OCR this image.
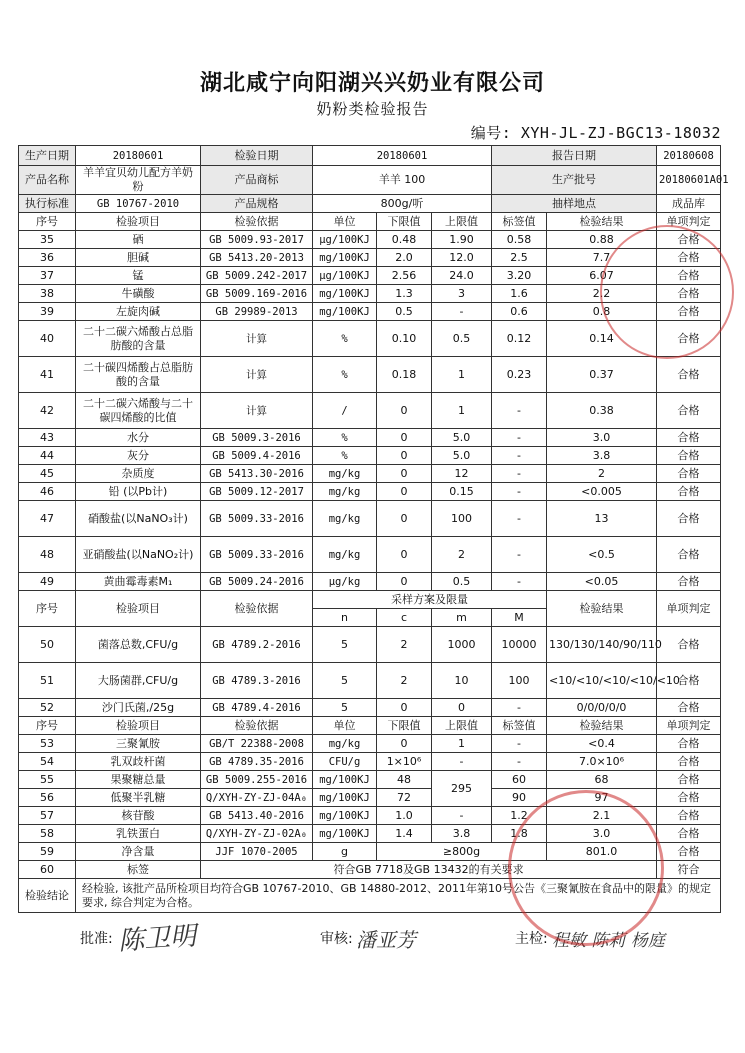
湖北咸宁向阳湖兴兴奶业有限公司
奶粉类检验报告
编号: XYH-JL-ZJ-BGC13-18032
生产日期	20180601	检验日期	20180601			报告日期		20180608
产品名称	羊羊宜贝幼儿配方羊奶粉	产品商标	羊羊 100			生产批号		20180601A01
执行标准	GB 10767-2010	产品规格	800g/听			抽样地点		成品库
序号	检验项目	检验依据	单位	下限值	上限值	标签值	检验结果	单项判定
35	硒	GB 5009.93-2017	μg/100KJ	0.48	1.90	0.58	0.88	合格
36	胆碱	GB 5413.20-2013	mg/100KJ	2.0	12.0	2.5	7.7	合格
37	锰	GB 5009.242-2017	μg/100KJ	2.56	24.0	3.20	6.07	合格
38	牛磺酸	GB 5009.169-2016	mg/100KJ	1.3	3	1.6	2.2	合格
39	左旋肉碱	GB 29989-2013	mg/100KJ	0.5	-	0.6	0.8	合格
40	二十二碳六烯酸占总脂肪酸的含量	计算	%	0.10	0.5	0.12	0.14	合格
41	二十碳四烯酸占总脂肪酸的含量	计算	%	0.18	1	0.23	0.37	合格
42	二十二碳六烯酸与二十碳四烯酸的比值	计算	/	0	1	-	0.38	合格
43	水分	GB 5009.3-2016	%	0	5.0	-	3.0	合格
44	灰分	GB 5009.4-2016	%	0	5.0	-	3.8	合格
45	杂质度	GB 5413.30-2016	mg/kg	0	12	-	2	合格
46	铅 (以Pb计)	GB 5009.12-2017	mg/kg	0	0.15	-	<0.005	合格
47	硝酸盐(以NaNO₃计)	GB 5009.33-2016	mg/kg	0	100	-	13	合格
48	亚硝酸盐(以NaNO₂计)	GB 5009.33-2016	mg/kg	0	2	-	<0.5	合格
49	黄曲霉毒素M₁	GB 5009.24-2016	μg/kg	0	0.5	-	<0.05	合格
序号	检验项目	检验依据	采样方案及限量				检验结果	单项判定
			n	c	m	M		
50	菌落总数,CFU/g	GB 4789.2-2016	5	2	1000	10000	130/130/140/90/110	合格
51	大肠菌群,CFU/g	GB 4789.3-2016	5	2	10	100	<10/<10/<10/<10/<10	合格
52	沙门氏菌,/25g	GB 4789.4-2016	5	0	0	-	0/0/0/0/0	合格
序号	检验项目	检验依据	单位	下限值	上限值	标签值	检验结果	单项判定
53	三聚氰胺	GB/T 22388-2008	mg/kg	0	1	-	<0.4	合格
54	乳双歧杆菌	GB 4789.35-2016	CFU/g	1×10⁶	-	-	7.0×10⁶	合格
55	果聚糖总量	GB 5009.255-2016	mg/100KJ	48	295	60	68	合格
56	低聚半乳糖	Q/XYH-ZY-ZJ-04A₀	mg/100KJ	72		90	97	合格
57	核苷酸	GB 5413.40-2016	mg/100KJ	1.0	-	1.2	2.1	合格
58	乳铁蛋白	Q/XYH-ZY-ZJ-02A₀	mg/100KJ	1.4	3.8	1.8	3.0	合格
59	净含量	JJF 1070-2005	g	≥800g			801.0	合格
60	标签	符合GB 7718及GB 13432的有关要求						符合
检验结论	经检验, 该批产品所检项目均符合GB 10767-2010、GB 14880-2012、2011年第10号公告《三聚氰胺在食品中的限量》的规定要求, 综合判定为合格。							
批准: 陈卫明	审核: 潘亚芳	主检: 程敏 陈莉 杨庭
